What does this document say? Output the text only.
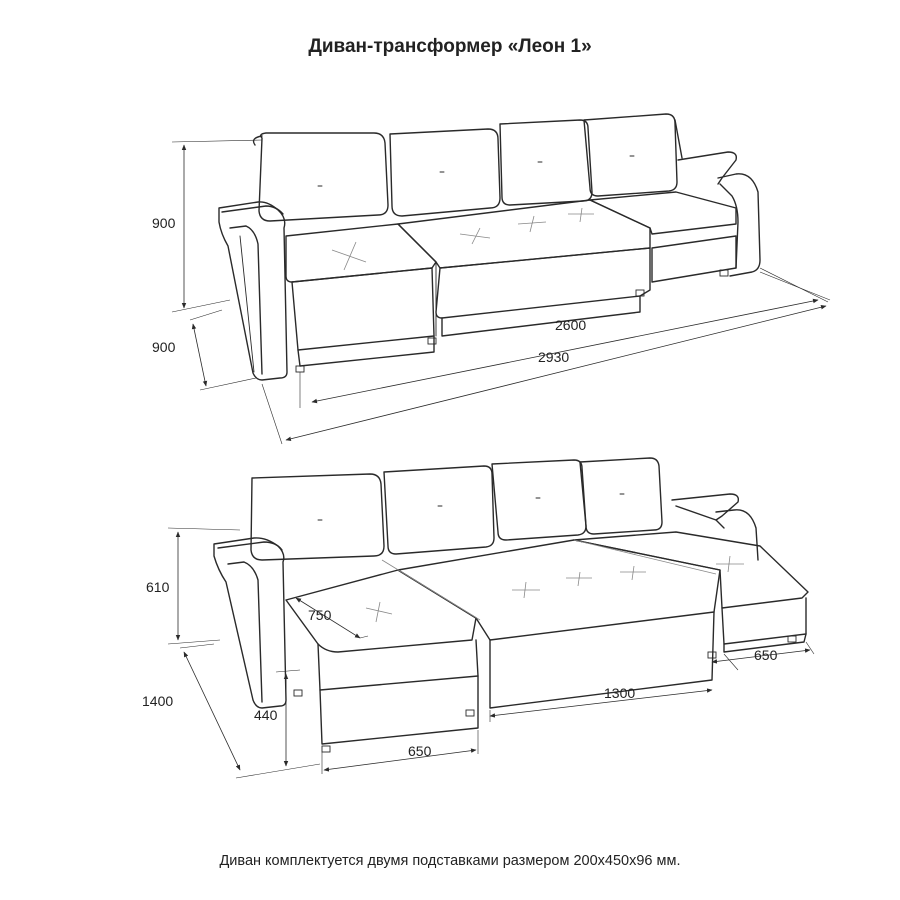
Диван-трансформер «Леон 1»
900
900
2600
2930
610
1400
440
750
1300
650
650
Диван комплектуется двумя подставками размером 200х450х96 мм.
